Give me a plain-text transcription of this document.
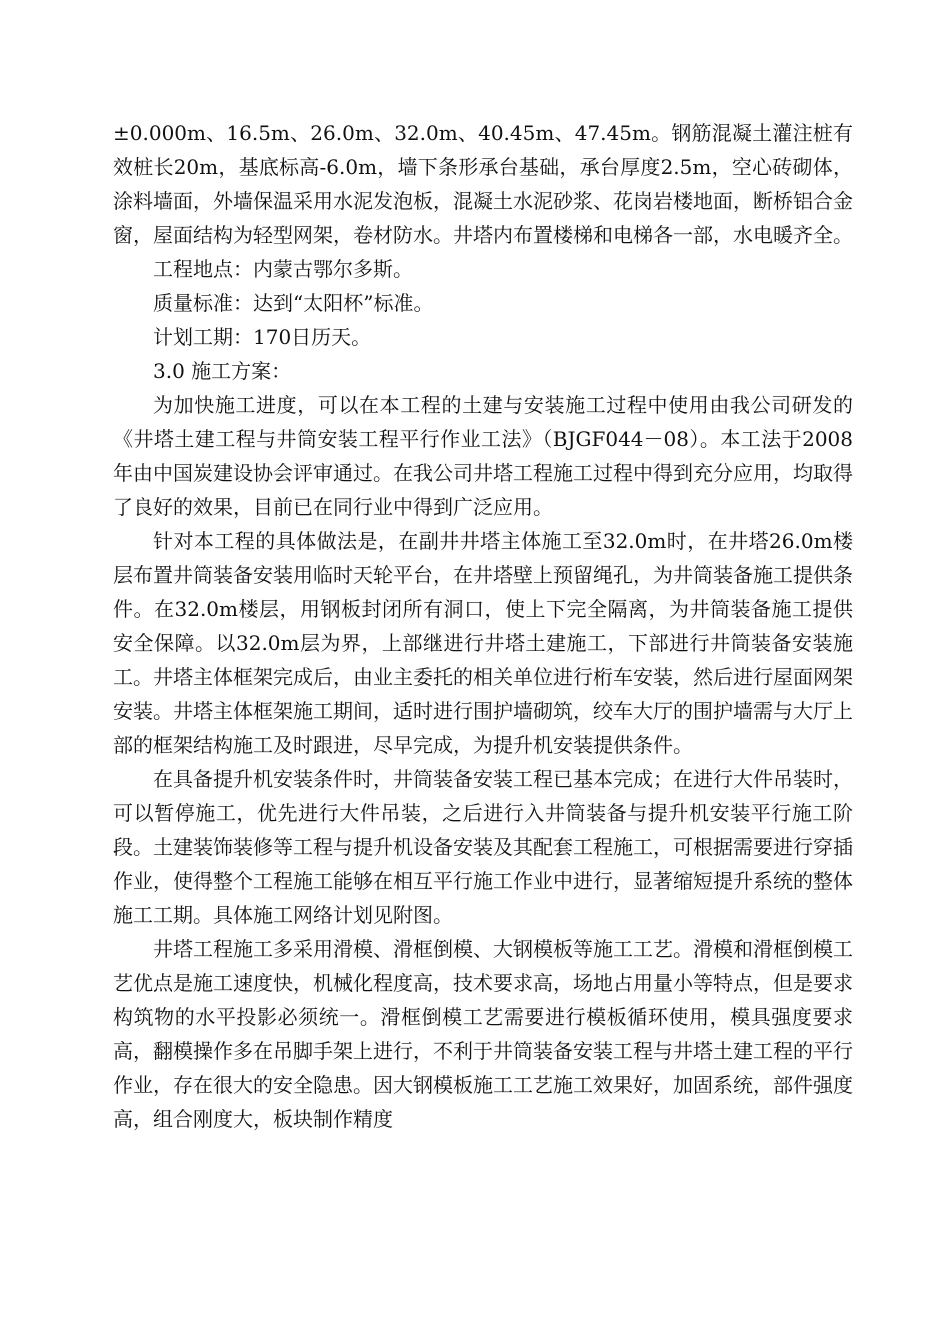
±0.000m、16.5m、26.0m、32.0m、40.45m、47.45m。钢筋混凝土灌注桩有效桩长20m，基底标高-6.0m，墙下条形承台基础，承台厚度2.5m，空心砖砌体，涂料墙面，外墙保温采用水泥发泡板，混凝土水泥砂浆、花岗岩楼地面，断桥铝合金窗，屋面结构为轻型网架，卷材防水。井塔内布置楼梯和电梯各一部，水电暖齐全。

工程地点：内蒙古鄂尔多斯。

质量标准：达到“太阳杯”标准。

计划工期：170日历天。

3.0 施工方案：

为加快施工进度，可以在本工程的土建与安装施工过程中使用由我公司研发的《井塔土建工程与井筒安装工程平行作业工法》（BJGF044－08）。本工法于2008年由中国炭建设协会评审通过。在我公司井塔工程施工过程中得到充分应用，均取得了良好的效果，目前已在同行业中得到广泛应用。

针对本工程的具体做法是，在副井井塔主体施工至32.0m时，在井塔26.0m楼层布置井筒装备安装用临时天轮平台，在井塔壁上预留绳孔，为井筒装备施工提供条件。在32.0m楼层，用钢板封闭所有洞口，使上下完全隔离，为井筒装备施工提供安全保障。以32.0m层为界，上部继进行井塔土建施工，下部进行井筒装备安装施工。井塔主体框架完成后，由业主委托的相关单位进行桁车安装，然后进行屋面网架安装。井塔主体框架施工期间，适时进行围护墙砌筑，绞车大厅的围护墙需与大厅上部的框架结构施工及时跟进，尽早完成，为提升机安装提供条件。

在具备提升机安装条件时，井筒装备安装工程已基本完成；在进行大件吊装时，可以暂停施工，优先进行大件吊装，之后进行入井筒装备与提升机安装平行施工阶段。土建装饰装修等工程与提升机设备安装及其配套工程施工，可根据需要进行穿插作业，使得整个工程施工能够在相互平行施工作业中进行，显著缩短提升系统的整体施工工期。具体施工网络计划见附图。

井塔工程施工多采用滑模、滑框倒模、大钢模板等施工工艺。滑模和滑框倒模工艺优点是施工速度快，机械化程度高，技术要求高，场地占用量小等特点，但是要求构筑物的水平投影必须统一。滑框倒模工艺需要进行模板循环使用，模具强度要求高，翻模操作多在吊脚手架上进行，不利于井筒装备安装工程与井塔土建工程的平行作业，存在很大的安全隐患。因大钢模板施工工艺施工效果好，加固系统，部件强度高，组合刚度大，板块制作精度
